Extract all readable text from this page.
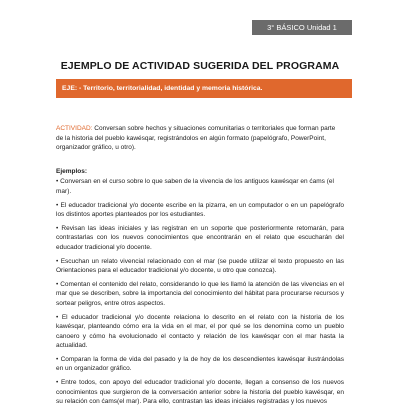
3° BÁSICO Unidad 1
EJEMPLO DE ACTIVIDAD SUGERIDA DEL PROGRAMA
EJE: - Territorio, territorialidad, identidad y memoria histórica.

ACTIVIDAD: Conversan sobre hechos y situaciones comunitarias o territoriales que forman parte de la historia del pueblo kawésqar, registrándolos en algún formato (papelógrafo, PowerPoint, organizador gráfico, u otro).

Ejemplos:

• Conversan en el curso sobre lo que saben de la vivencia de los antiguos kawésqar en ćams (el mar).

• El educador tradicional y/o docente escribe en la pizarra, en un computador o en un papelógrafo los distintos aportes planteados por los estudiantes.

• Revisan las ideas iniciales y las registran en un soporte que posteriormente retomarán, para contrastarlas con los nuevos conocimientos que encontrarán en el relato que escucharán del educador tradicional y/o docente.

• Escuchan un relato vivencial relacionado con el mar (se puede utilizar el texto propuesto en las Orientaciones para el educador tradicional y/o docente, u otro que conozca).

• Comentan el contenido del relato, considerando lo que les llamó la atención de las vivencias en el mar que se describen, sobre la importancia del conocimiento del hábitat para procurarse recursos y sortear peligros, entre otros aspectos.

• El educador tradicional y/o docente relaciona lo descrito en el relato con la historia de los kawésqar, planteando cómo era la vida en el mar, el por qué se los denomina como un pueblo canoero y cómo ha evolucionado el contacto y relación de los kawésqar con el mar hasta la actualidad.

• Comparan la forma de vida del pasado y la de hoy de los descendientes kawésqar ilustrándolas en un organizador gráfico.

• Entre todos, con apoyo del educador tradicional y/o docente, llegan a consenso de los nuevos conocimientos que surgieron de la conversación anterior sobre la historia del pueblo kawésqar, en su relación con ćams(el mar). Para ello, contrastan las ideas iniciales registradas y los nuevos
